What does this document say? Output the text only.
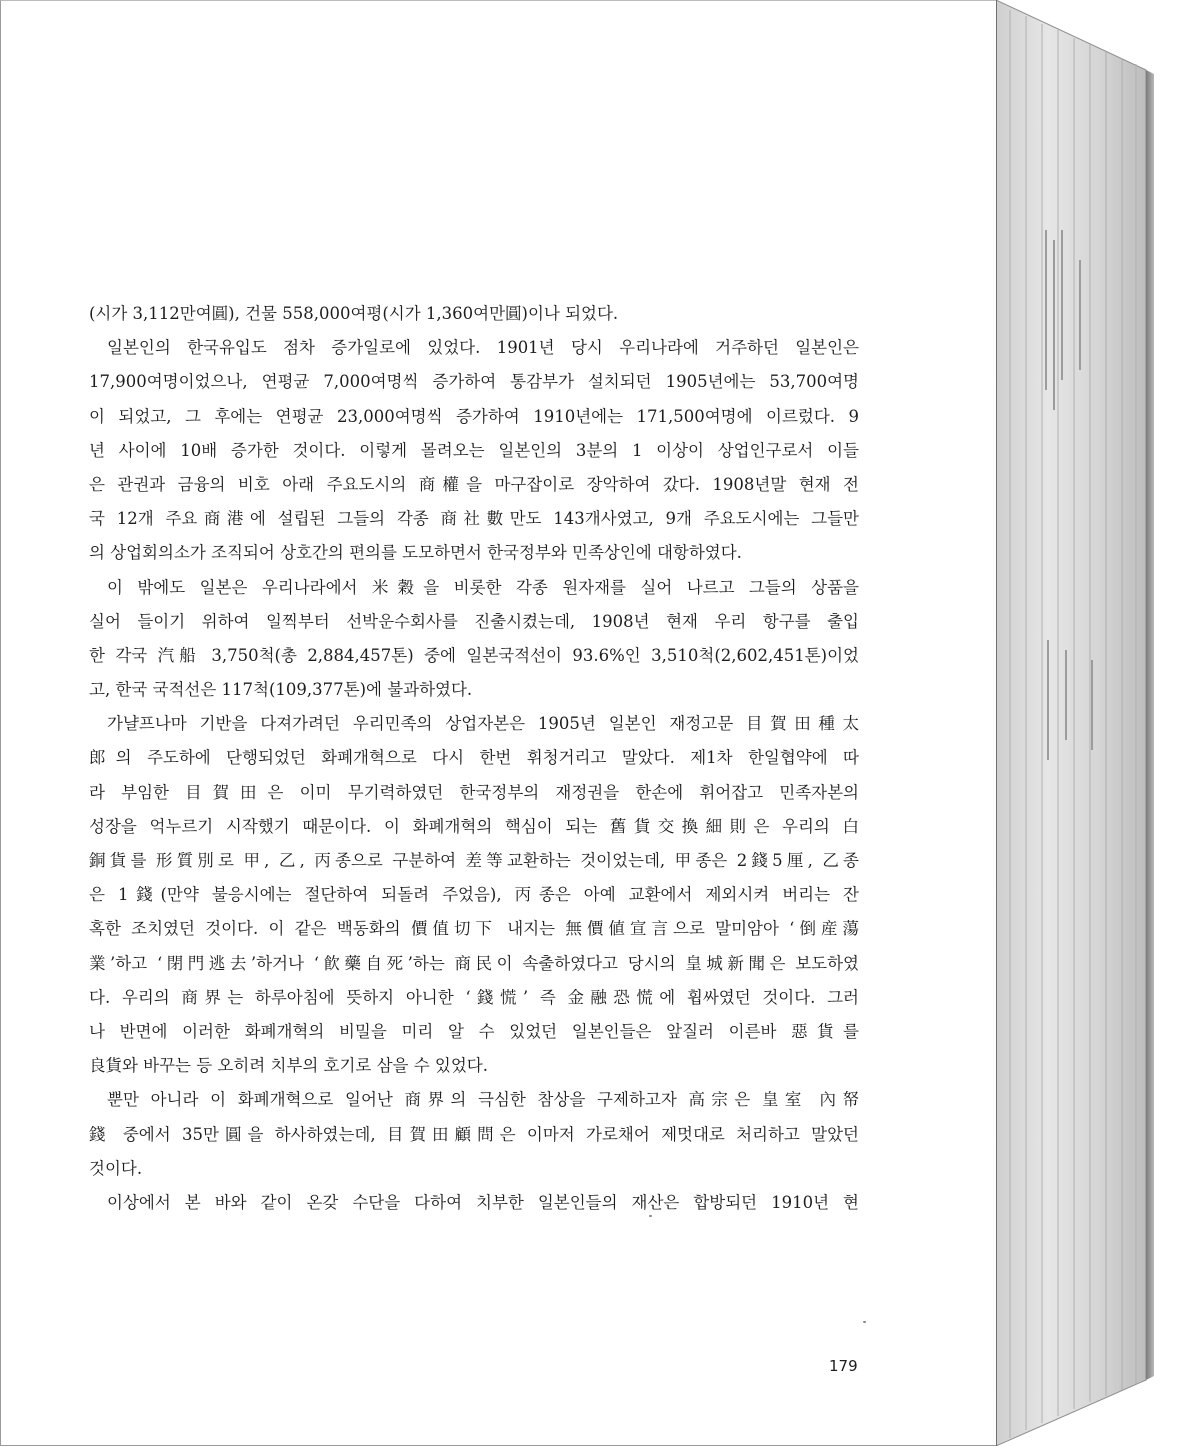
(시가 3,112만여圓), 건물 558,000여평(시가 1,360여만圓)이나 되었다.
일본인의 한국유입도 점차 증가일로에 있었다. 1901년 당시 우리나라에 거주하던 일본인은
17,900여명이었으나, 연평균 7,000여명씩 증가하여 통감부가 설치되던 1905년에는 53,700여명
이 되었고, 그 후에는 연평균 23,000여명씩 증가하여 1910년에는 171,500여명에 이르렀다. 9
년 사이에 10배 증가한 것이다. 이렇게 몰려오는 일본인의 3분의 1 이상이 상업인구로서 이들
은 관권과 금융의 비호 아래 주요도시의 商權을 마구잡이로 장악하여 갔다. 1908년말 현재 전
국 12개 주요商港에 설립된 그들의 각종 商社數만도 143개사였고, 9개 주요도시에는 그들만
의 상업회의소가 조직되어 상호간의 편의를 도모하면서 한국정부와 민족상인에 대항하였다.
이 밖에도 일본은 우리나라에서 米穀을 비롯한 각종 원자재를 실어 나르고 그들의 상품을
실어 들이기 위하여 일찍부터 선박운수회사를 진출시켰는데, 1908년 현재 우리 항구를 출입
한 각국 汽船 3,750척(총 2,884,457톤) 중에 일본국적선이 93.6%인 3,510척(2,602,451톤)이었
고, 한국 국적선은 117척(109,377톤)에 불과하였다.
가냘프나마 기반을 다져가려던 우리민족의 상업자본은 1905년 일본인 재정고문 目賀田種太
郎의 주도하에 단행되었던 화폐개혁으로 다시 한번 휘청거리고 말았다. 제1차 한일협약에 따
라 부임한 目賀田은 이미 무기력하였던 한국정부의 재정권을 한손에 휘어잡고 민족자본의
성장을 억누르기 시작했기 때문이다. 이 화폐개혁의 핵심이 되는 舊貨交換細則은 우리의 白
銅貨를 形質別로 甲, 乙, 丙종으로 구분하여 差等교환하는 것이었는데, 甲종은 2錢5厘, 乙종
은 1錢(만약 불응시에는 절단하여 되돌려 주었음), 丙종은 아예 교환에서 제외시켜 버리는 잔
혹한 조치였던 것이다. 이 같은 백동화의 價值切下 내지는 無價値宣言으로 말미암아 ‘倒産蕩
業’하고 ‘閉門逃去’하거나 ‘飮藥自死’하는 商民이 속출하였다고 당시의 皇城新聞은 보도하였
다. 우리의 商界는 하루아침에 뜻하지 아니한 ‘錢慌’ 즉 金融恐慌에 휩싸였던 것이다. 그러
나 반면에 이러한 화폐개혁의 비밀을 미리 알 수 있었던 일본인들은 앞질러 이른바 惡貨를
良貨와 바꾸는 등 오히려 치부의 호기로 삼을 수 있었다.
뿐만 아니라 이 화폐개혁으로 일어난 商界의 극심한 참상을 구제하고자 高宗은 皇室 內帑
錢 중에서 35만圓을 하사하였는데, 目賀田顧問은 이마저 가로채어 제멋대로 처리하고 말았던
것이다.
이상에서 본 바와 같이 온갖 수단을 다하여 치부한 일본인들의 재산은 합방되던 1910년 현
179
